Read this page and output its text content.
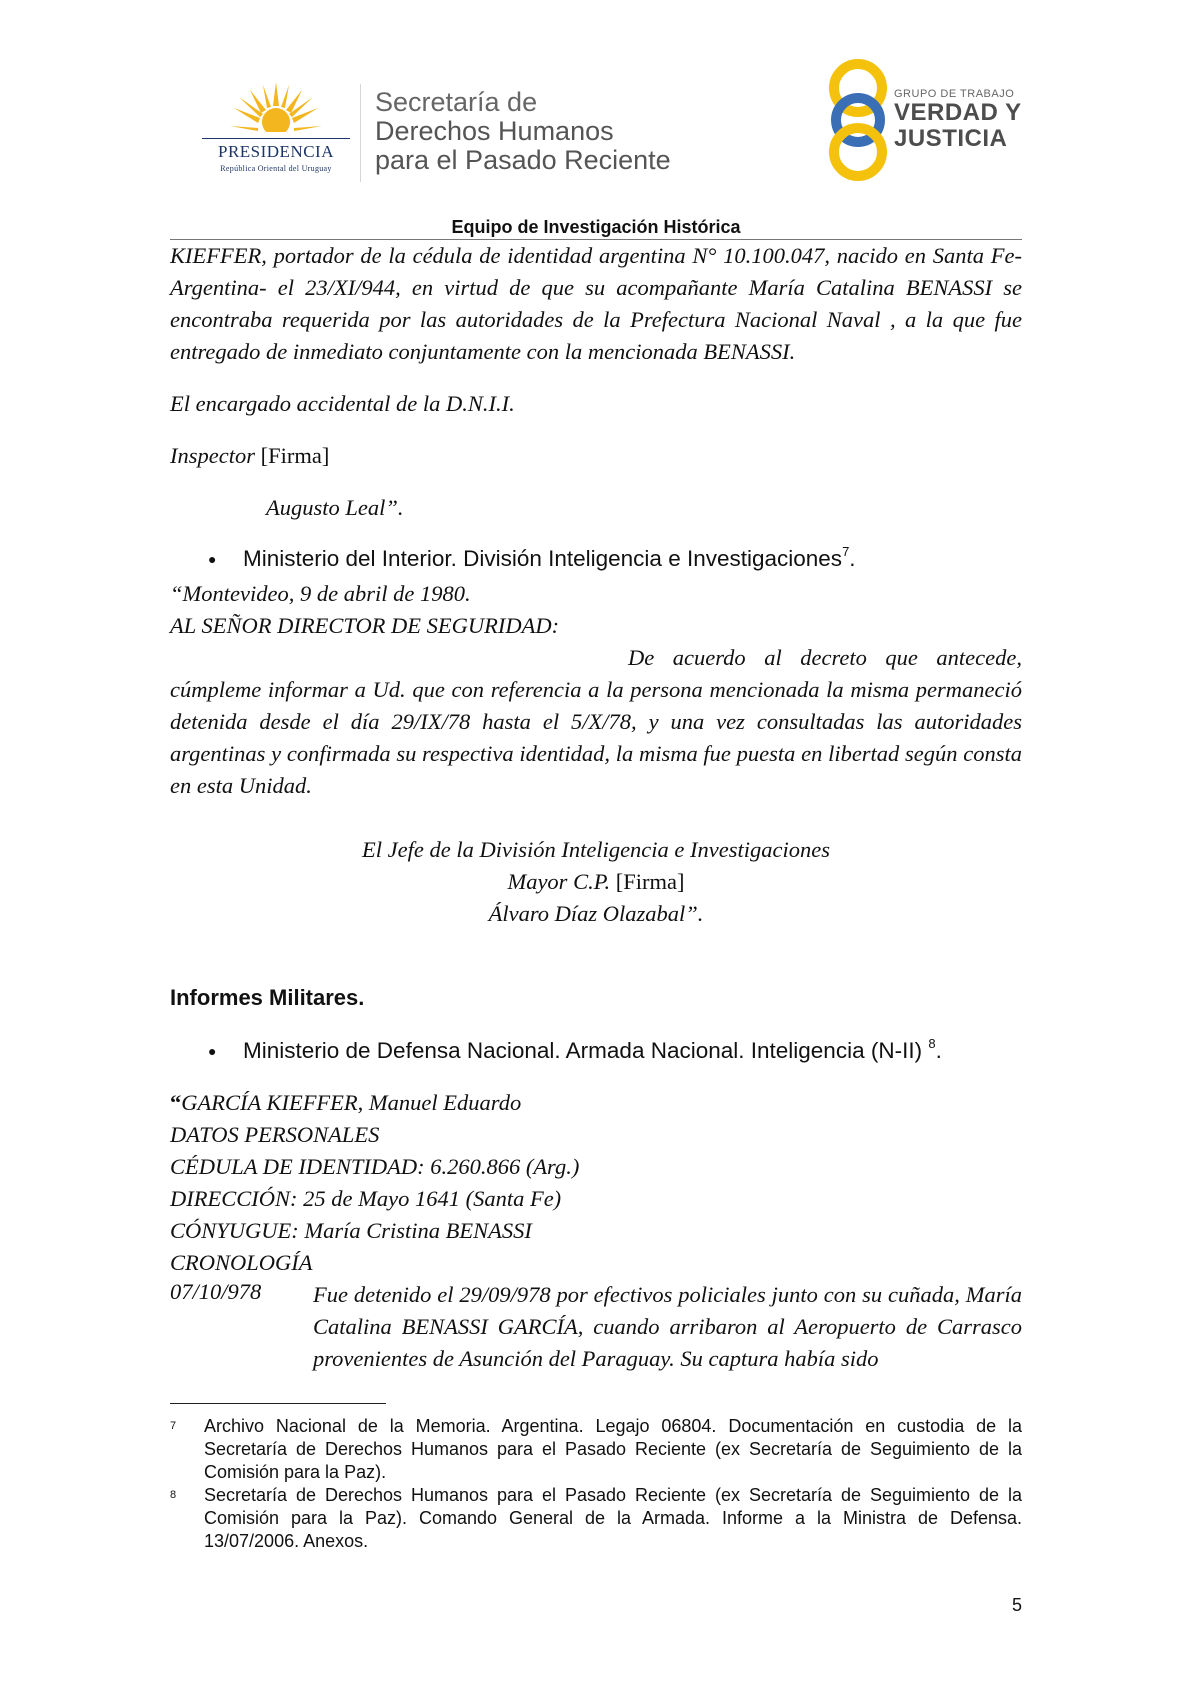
PRESIDENCIA
República Oriental del Uruguay
Secretaría de
Derechos Humanos
para el Pasado Reciente
GRUPO DE TRABAJO
VERDAD Y
JUSTICIA
Equipo de Investigación Histórica
KIEFFER, portador de la cédula de identidad argentina N° 10.100.047, nacido en Santa Fe- Argentina- el 23/XI/944, en virtud de que su acompañante María Catalina BENASSI se encontraba requerida por las autoridades de la Prefectura Nacional Naval , a la que fue entregado de inmediato conjuntamente con la mencionada BENASSI.
El encargado accidental de la D.N.I.I.
Inspector [Firma]
Augusto Leal”.
● Ministerio del Interior. División Inteligencia e Investigaciones$^7$.
“Montevideo, 9 de abril de 1980.
AL SEÑOR DIRECTOR DE SEGURIDAD:
De acuerdo al decreto que antecede,
cúmpleme informar a Ud. que con referencia a la persona mencionada la misma permaneció detenida desde el día 29/IX/78 hasta el 5/X/78, y una vez consultadas las autoridades argentinas y confirmada su respectiva identidad, la misma fue puesta en libertad según consta en esta Unidad.
El Jefe de la División Inteligencia e Investigaciones
Mayor C.P. [Firma]
Álvaro Díaz Olazabal”.
Informes Militares.
● Ministerio de Defensa Nacional. Armada Nacional. Inteligencia (N-II) $^8$.
“GARCÍA KIEFFER, Manuel Eduardo
DATOS PERSONALES
CÉDULA DE IDENTIDAD: 6.260.866 (Arg.)
DIRECCIÓN: 25 de Mayo 1641 (Santa Fe)
CÓNYUGUE: María Cristina BENASSI
CRONOLOGÍA
07/10/978 Fue detenido el 29/09/978 por efectivos policiales junto con su cuñada, María Catalina BENASSI GARCÍA, cuando arribaron al Aeropuerto de Carrasco provenientes de Asunción del Paraguay. Su captura había sido
7 Archivo Nacional de la Memoria. Argentina. Legajo 06804. Documentación en custodia de la Secretaría de Derechos Humanos para el Pasado Reciente (ex Secretaría de Seguimiento de la Comisión para la Paz).
8 Secretaría de Derechos Humanos para el Pasado Reciente (ex Secretaría de Seguimiento de la Comisión para la Paz). Comando General de la Armada. Informe a la Ministra de Defensa. 13/07/2006. Anexos.
5
